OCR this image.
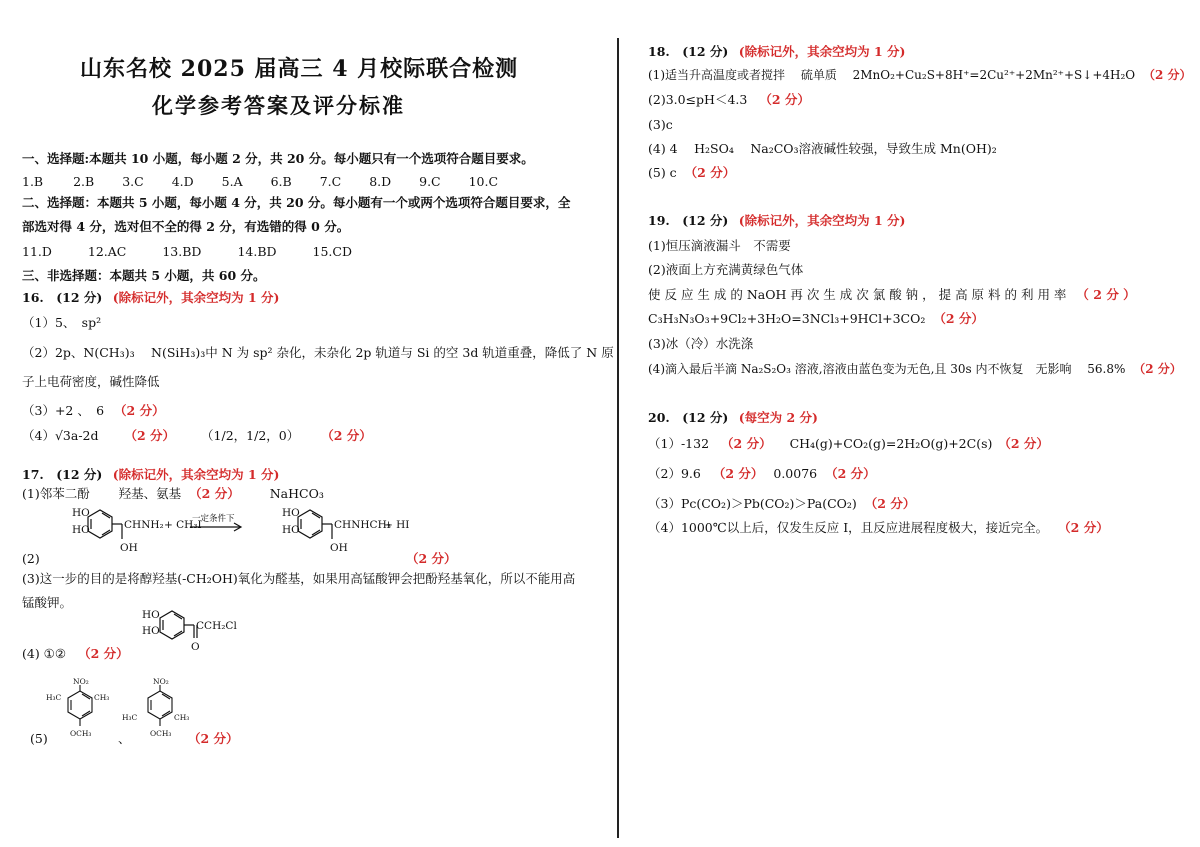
山东名校 2025 届高三 4 月校际联合检测
化学参考答案及评分标准
一、选择题:本题共 10 小题，每小题 2 分，共 20 分。每小题只有一个选项符合题目要求。
1.B 2.B 3.C 4.D 5.A 6.B 7.C 8.D 9.C 10.C
二、选择题：本题共 5 小题，每小题 4 分，共 20 分。每小题有一个或两个选项符合题目要求，全
部选对得 4 分，选对但不全的得 2 分，有选错的得 0 分。
11.D	12.AC	13.BD	14.BD	15.CD
三、非选择题：本题共 5 小题，共 60 分。
16.　(12 分) (除标记外，其余空均为 1 分)
（1）5、　sp²
（2）2p、N(CH₃)₃　 N(SiH₃)₃中 N 为 sp² 杂化，未杂化 2p 轨道与 Si 的空 3d 轨道重叠，降低了 N 原
子上电荷密度，碱性降低
（3）+2 、　6 （2 分）
（4）√3a-2d （2 分） （1/2，1/2，0） （2 分）
17.　(12 分) (除标记外，其余空均为 1 分)
(1)邻苯二酚　　 羟基、氨基 （2 分） NaHCO₃
HO
HO	CHNH₂
OH
+ CH₃I
一定条件下	HO
HO	CHNHCH₃
OH
+ HI
(2)	（2 分）
(3)这一步的目的是将醇羟基(-CH₂OH)氧化为醛基，如果用高锰酸钾会把酚羟基氧化，所以不能用高
锰酸钾。
HO
HO	CCH₂Cl
O
(4) ①② （2 分）
NO₂
H₃C	CH₃
OCH₃
NO₂
H₃C	CH₃
OCH₃
(5)	、	（2 分）
18.　(12 分) (除标记外，其余空均为 1 分)
(1)适当升高温度或者搅拌　 硫单质　 2MnO₂+Cu₂S+8H⁺=2Cu²⁺+2Mn²⁺+S↓+4H₂O （2 分）
(2)3.0≤pH＜4.3 （2 分）
(3)c
(4) 4　 H₂SO₄　 Na₂CO₃溶液碱性较强，导致生成 Mn(OH)₂
(5) c （2 分）
19.　(12 分) (除标记外，其余空均为 1 分)
(1)恒压滴液漏斗　不需要
(2)液面上方充满黄绿色气体
使 反 应 生 成 的 NaOH 再 次 生 成 次 氯 酸 钠 ， 提 高 原 料 的 利 用 率 （ 2 分 ）
C₃H₃N₃O₃+9Cl₂+3H₂O=3NCl₃+9HCl+3CO₂ （2 分）
(3)冰（冷）水洗涤
(4)滴入最后半滴 Na₂S₂O₃ 溶液,溶液由蓝色变为无色,且 30s 内不恢复　无影响　 56.8% （2 分）
20.　(12 分) (每空为 2 分)
（1）-132 （2 分） CH₄(g)+CO₂(g)=2H₂O(g)+2C(s) （2 分）
（2）9.6 （2 分） 0.0076 （2 分）
（3）Pc(CO₂)＞Pb(CO₂)＞Pa(CO₂) （2 分）
（4）1000℃以上后，仅发生反应 I，且反应进展程度极大，接近完全。 （2 分）
